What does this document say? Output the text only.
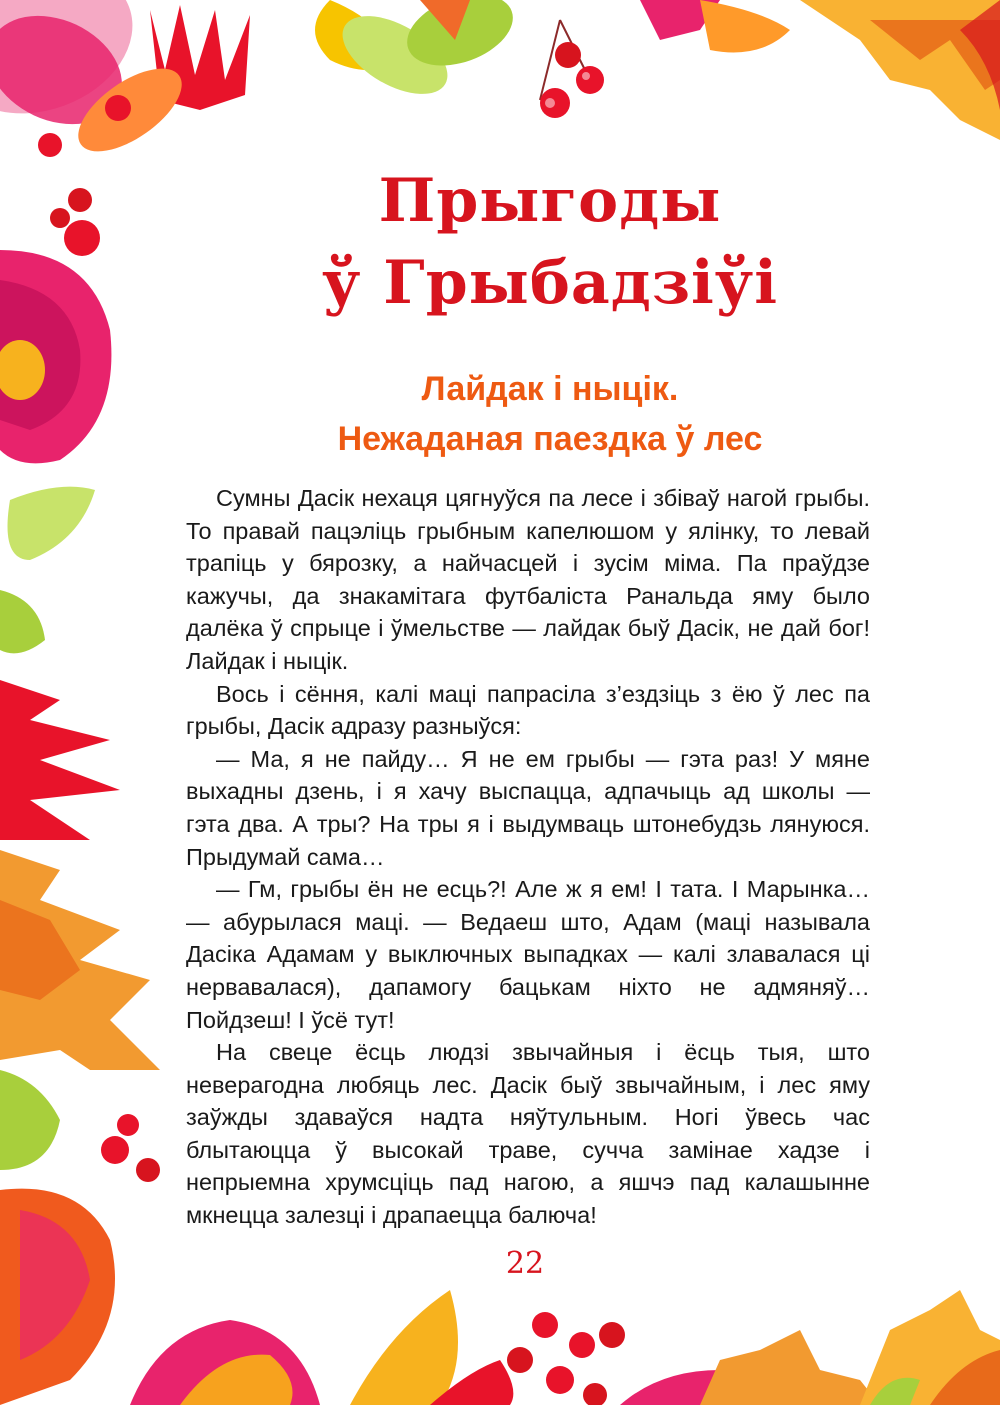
Прыгоды
ў Грыбадзіўі
Лайдак і ныцік.
Нежаданая паездка ў лес

Сумны Дасік нехаця цягнуўся па лесе і збіваў нагой грыбы. То правай пацэліць грыбным капелюшом у ялінку, то левай трапіць у бярозку, а найчасцей і зусім міма. Па праўдзе кажучы, да знакамітага футбаліста Ранальда яму было далёка ў спрыце і ўмельстве — лайдак быў Дасік, не дай бог! Лайдак і ныцік.

Вось і сёння, калі маці папрасіла з’ездзіць з ёю ў лес па грыбы, Дасік адразу разныўся:

— Ма, я не пайду… Я не ем грыбы — гэта раз! У мяне выхадны дзень, і я хачу выспацца, адпачыць ад школы — гэта два. А тры? На тры я і выдумваць штонебудзь лянуюся. Прыдумай сама…

— Гм, грыбы ён не есць?! Але ж я ем! І тата. І Марынка… — абурылася маці. — Ведаеш што, Адам (маці называла Дасіка Адамам у выключных выпадках — калі злавалася ці нервавалася), дапамогу бацькам ніхто не адмяняў… Пойдзеш! І ўсё тут!

На свеце ёсць людзі звычайныя і ёсць тыя, што неверагодна любяць лес. Дасік быў звычайным, і лес яму заўжды здаваўся надта няўтульным. Ногі ўвесь час блытаюцца ў высокай траве, сучча замінае хадзе і непрыемна хрумсціць пад нагою, а яшчэ пад калашынне мкнецца залезці і драпаецца балюча!

22
